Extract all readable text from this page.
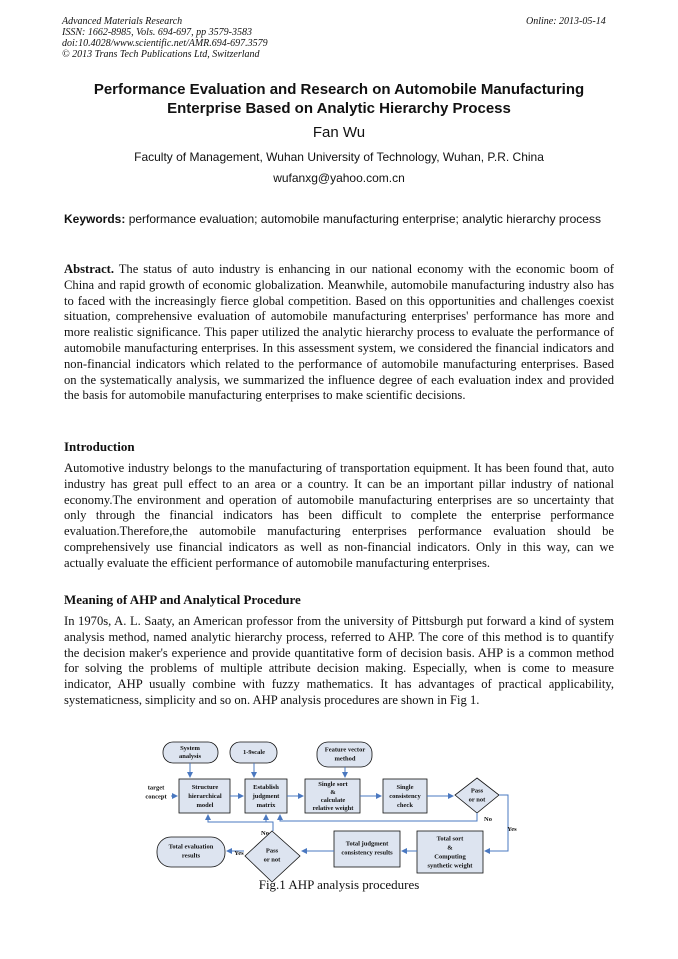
Advanced Materials Research
ISSN: 1662-8985, Vols. 694-697, pp 3579-3583
doi:10.4028/www.scientific.net/AMR.694-697.3579
© 2013 Trans Tech Publications Ltd, Switzerland
Online: 2013-05-14
Performance Evaluation and Research on Automobile Manufacturing Enterprise Based on Analytic Hierarchy Process
Fan Wu
Faculty of Management, Wuhan University of Technology, Wuhan, P.R. China
wufanxg@yahoo.com.cn
Keywords: performance evaluation; automobile manufacturing enterprise; analytic hierarchy process
Abstract. The status of auto industry is enhancing in our national economy with the economic boom of China and rapid growth of economic globalization. Meanwhile, automobile manufacturing industry also has to faced with the increasingly fierce global competition. Based on this opportunities and challenges coexist situation, comprehensive evaluation of automobile manufacturing enterprises' performance has more and more realistic significance. This paper utilized the analytic hierarchy process to evaluate the performance of automobile manufacturing enterprises. In this assessment system, we considered the financial indicators and non-financial indicators which related to the performance of automobile manufacturing enterprises. Based on the systematically analysis, we summarized the influence degree of each evaluation index and provided the basis for automobile manufacturing enterprises to make scientific decisions.
Introduction
Automotive industry belongs to the manufacturing of transportation equipment. It has been found that, auto industry has great pull effect to an area or a country. It can be an important pillar industry of national economy.The environment and operation of automobile manufacturing enterprises are so uncertainty that only through the financial indicators has been difficult to complete the enterprise performance evaluation.Therefore,the automobile manufacturing enterprises performance evaluation should be comprehensively use financial indicators as well as non-financial indicators. Only in this way, can we actually evaluate the efficient performance of automobile manufacturing enterprises.
Meaning of AHP and Analytical Procedure
In 1970s, A. L. Saaty, an American professor from the university of Pittsburgh put forward a kind of system analysis method, named analytic hierarchy process, referred to AHP. The core of this method is to quantify the decision maker's experience and provide quantitative form of decision basis. AHP is a common method for solving the problems of multiple attribute decision making. Especially, when is come to measure indicator, AHP usually combine with fuzzy mathematics. It has advantages of practical applicability, systematicness, simplicity and so on. AHP analysis procedures are shown in Fig 1.
System
analysis
1-9scale	Feature vector
method
target
concept
Structure
hierarchical
model
Establish
judgment
matrix
Single sort
&
calculate
relative weight
Single
consistency
check
Pass
or not
No
Yes
Total sort
&
Computing
synthetic weight
Total judgment
consistency results
Pass
or not
No
Yes
Total evaluation
results
Fig.1 AHP analysis procedures
